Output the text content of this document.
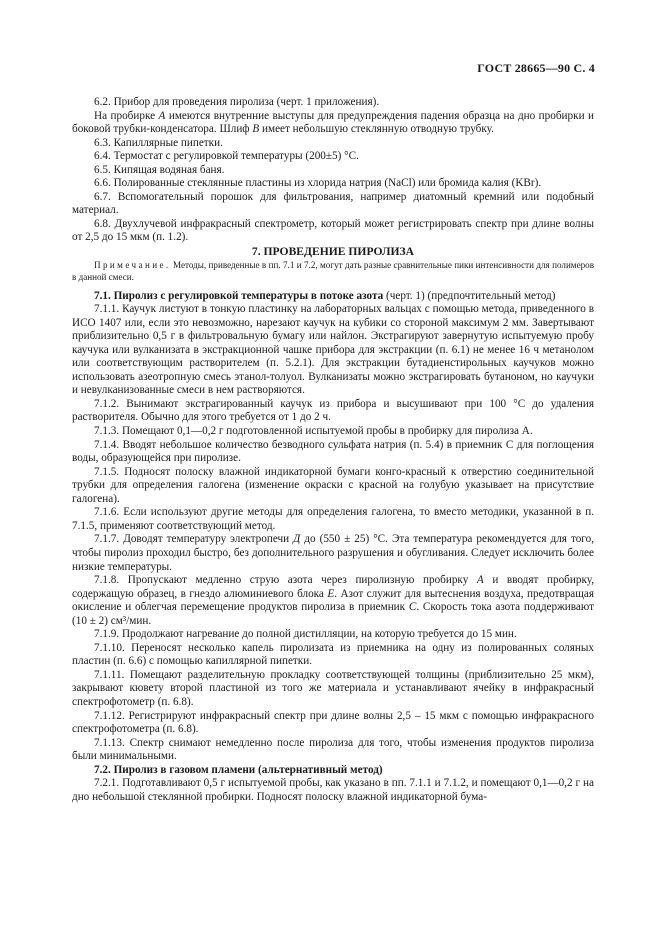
ГОСТ 28665—90 С. 4

6.2. Прибор для проведения пиролиза (черт. 1 приложения).

На пробирке А имеются внутренние выступы для предупреждения падения образца на дно пробирки и боковой трубки-конденсатора. Шлиф В имеет небольшую стеклянную отводную трубку.

6.3. Капиллярные пипетки.

6.4. Термостат с регулировкой температуры (200±5) °С.

6.5. Кипящая водяная баня.

6.6. Полированные стеклянные пластины из хлорида натрия (NaCl) или бромида калия (KBr).

6.7. Вспомогательный порошок для фильтрования, например диатомный кремний или подобный материал.

6.8. Двухлучевой инфракрасный спектрометр, который может регистрировать спектр при длине волны от 2,5 до 15 мкм (п. 1.2).

7. ПРОВЕДЕНИЕ ПИРОЛИЗА

Примечание. Методы, приведенные в пп. 7.1 и 7.2, могут дать разные сравнительные пики интенсивности для полимеров в данной смеси.

7.1. Пиролиз с регулировкой температуры в потоке азота (черт. 1) (предпочтительный метод)

7.1.1. Каучук листуют в тонкую пластинку на лабораторных вальцах с помощью метода, приведенного в ИСО 1407 или, если это невозможно, нарезают каучук на кубики со стороной максимум 2 мм. Завертывают приблизительно 0,5 г в фильтровальную бумагу или найлон. Экстрагируют завернутую испытуемую пробу каучука или вулканизата в экстракционной чашке прибора для экстракции (п. 6.1) не менее 16 ч метанолом или соответствующим растворителем (п. 5.2.1). Для экстракции бутадиенстирольных каучуков можно использовать азеотропную смесь этанол-толуол. Вулканизаты можно экстрагировать бутаноном, но каучуки и невулканизованные смеси в нем растворяются.

7.1.2. Вынимают экстрагированный каучук из прибора и высушивают при 100 °С до удаления растворителя. Обычно для этого требуется от 1 до 2 ч.

7.1.3. Помещают 0,1—0,2 г подготовленной испытуемой пробы в пробирку для пиролиза А.

7.1.4. Вводят небольшое количество безводного сульфата натрия (п. 5.4) в приемник С для поглощения воды, образующейся при пиролизе.

7.1.5. Подносят полоску влажной индикаторной бумаги конго-красный к отверстию соединительной трубки для определения галогена (изменение окраски с красной на голубую указывает на присутствие галогена).

7.1.6. Если используют другие методы для определения галогена, то вместо методики, указанной в п. 7.1.5, применяют соответствующий метод.

7.1.7. Доводят температуру электропечи Д до (550 ± 25) °С. Эта температура рекомендуется для того, чтобы пиролиз проходил быстро, без дополнительного разрушения и обугливания. Следует исключить более низкие температуры.

7.1.8. Пропускают медленно струю азота через пиролизную пробирку А и вводят пробирку, содержащую образец, в гнездо алюминиевого блока Е. Азот служит для вытеснения воздуха, предотвращая окисление и облегчая перемещение продуктов пиролиза в приемник С. Скорость тока азота поддерживают (10 ± 2) см³/мин.

7.1.9. Продолжают нагревание до полной дистилляции, на которую требуется до 15 мин.

7.1.10. Переносят несколько капель пиролизата из приемника на одну из полированных соляных пластин (п. 6.6) с помощью капиллярной пипетки.

7.1.11. Помещают разделительную прокладку соответствующей толщины (приблизительно 25 мкм), закрывают кювету второй пластиной из того же материала и устанавливают ячейку в инфракрасный спектрофотометр (п. 6.8).

7.1.12. Регистрируют инфракрасный спектр при длине волны 2,5 – 15 мкм с помощью инфракрасного спектрофотометра (п. 6.8).

7.1.13. Спектр снимают немедленно после пиролиза для того, чтобы изменения продуктов пиролиза были минимальными.

7.2. Пиролиз в газовом пламени (альтернативный метод)

7.2.1. Подготавливают 0,5 г испытуемой пробы, как указано в пп. 7.1.1 и 7.1.2, и помещают 0,1—0,2 г на дно небольшой стеклянной пробирки. Подносят полоску влажной индикаторной бума-
